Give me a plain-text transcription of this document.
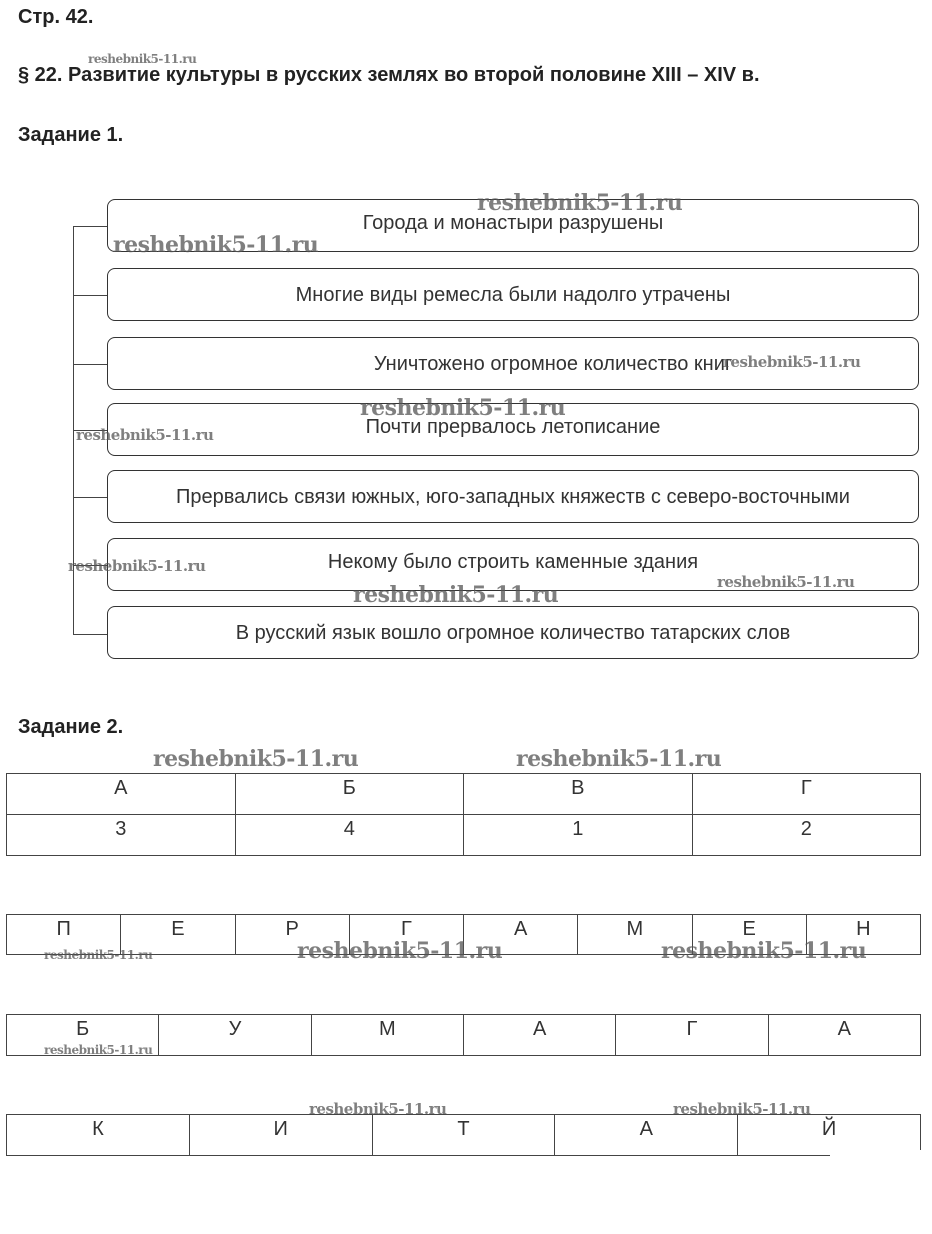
Стр. 42.
§ 22. Развитие культуры в русских землях во второй половине XIII – XIV в.
Задание 1.
Города и монастыри разрушены
Многие виды ремесла были надолго утрачены
Уничтожено огромное количество книг
Почти прервалось летописание
Прервались связи южных, юго-западных княжеств с северо-восточными
Некому было строить каменные здания
В русский язык вошло огромное количество татарских слов
Задание 2.
А	Б	В	Г
3	4	1	2
П	Е	Р	Г	А	М	Е	Н
Б	У	М	А	Г	А
К	И	Т	А	Й
reshebnik5-11.ru
reshebnik5-11.ru
reshebnik5-11.ru
reshebnik5-11.ru
reshebnik5-11.ru
reshebnik5-11.ru
reshebnik5-11.ru
reshebnik5-11.ru
reshebnik5-11.ru
reshebnik5-11.ru	reshebnik5-11.ru
reshebnik5-11.ru	reshebnik5-11.ru	reshebnik5-11.ru
reshebnik5-11.ru
reshebnik5-11.ru	reshebnik5-11.ru
